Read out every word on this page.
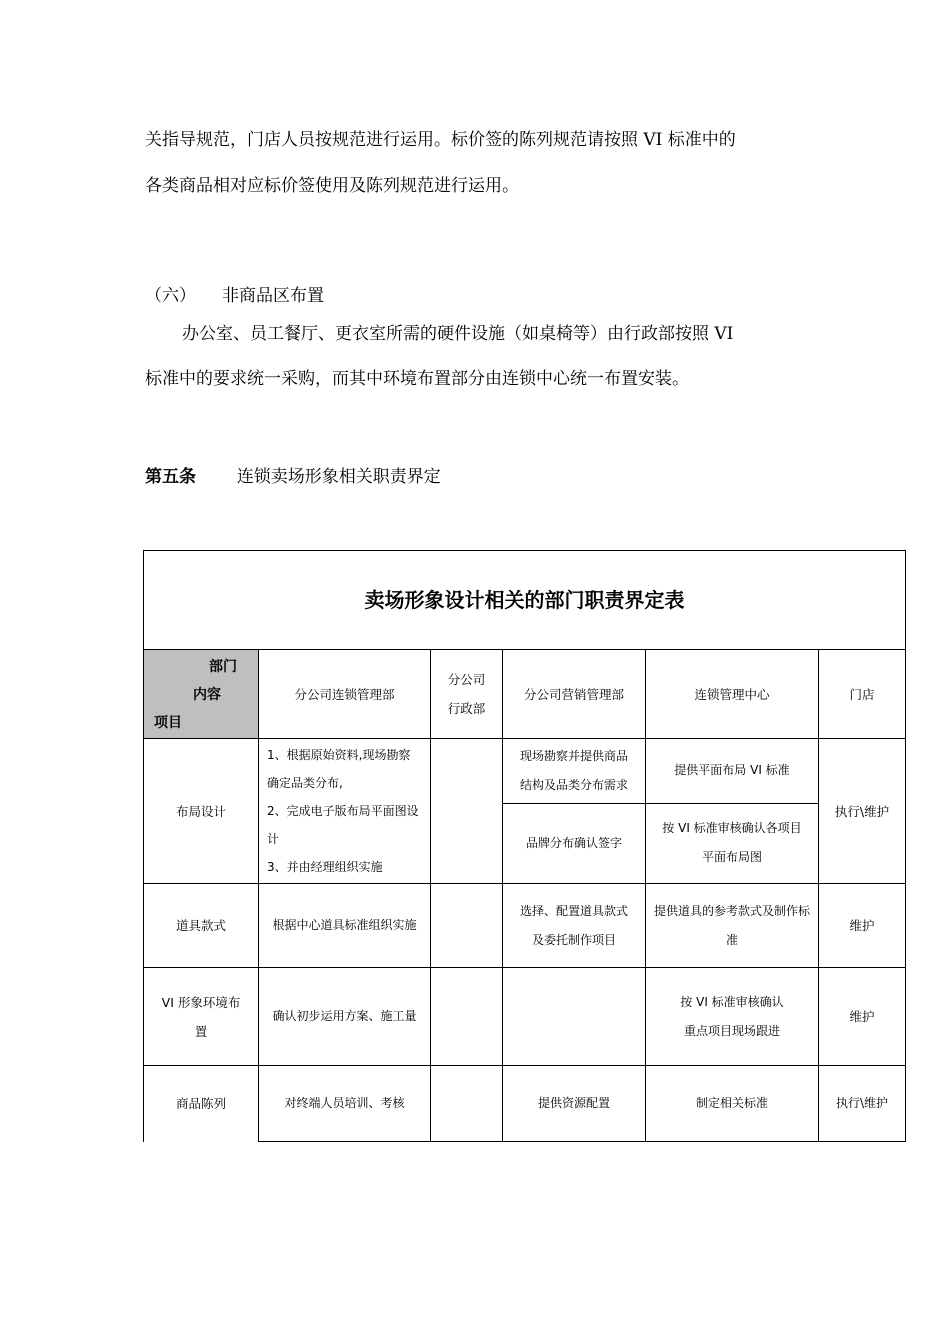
关指导规范，门店人员按规范进行运用。标价签的陈列规范请按照 VI 标准中的
各类商品相对应标价签使用及陈列规范进行运用。
（六） 非商品区布置
办公室、员工餐厅、更衣室所需的硬件设施（如桌椅等）由行政部按照 VI
标准中的要求统一采购，而其中环境布置部分由连锁中心统一布置安装。
第五条 连锁卖场形象相关职责界定
卖场形象设计相关的部门职责界定表					

部门
内容
项目	分公司连锁管理部	分公司行政部	分公司营销管理部	连锁管理中心	门店
布局设计	1、根据原始资料,现场勘察确定品类分布,
2、完成电子版布局平面图设计
3、并由经理组织实施		现场勘察并提供商品结构及品类分布需求	提供平面布局 VI 标准	执行\维护
			品牌分布确认签字	按 VI 标准审核确认各项目平面布局图	
道具款式	根据中心道具标准组织实施		选择、配置道具款式及委托制作项目	提供道具的参考款式及制作标准	维护
VI 形象环境布置	确认初步运用方案、施工量			按 VI 标准审核确认
重点项目现场跟进	维护
商品陈列	对终端人员培训、考核		提供资源配置	制定相关标准	执行\维护
